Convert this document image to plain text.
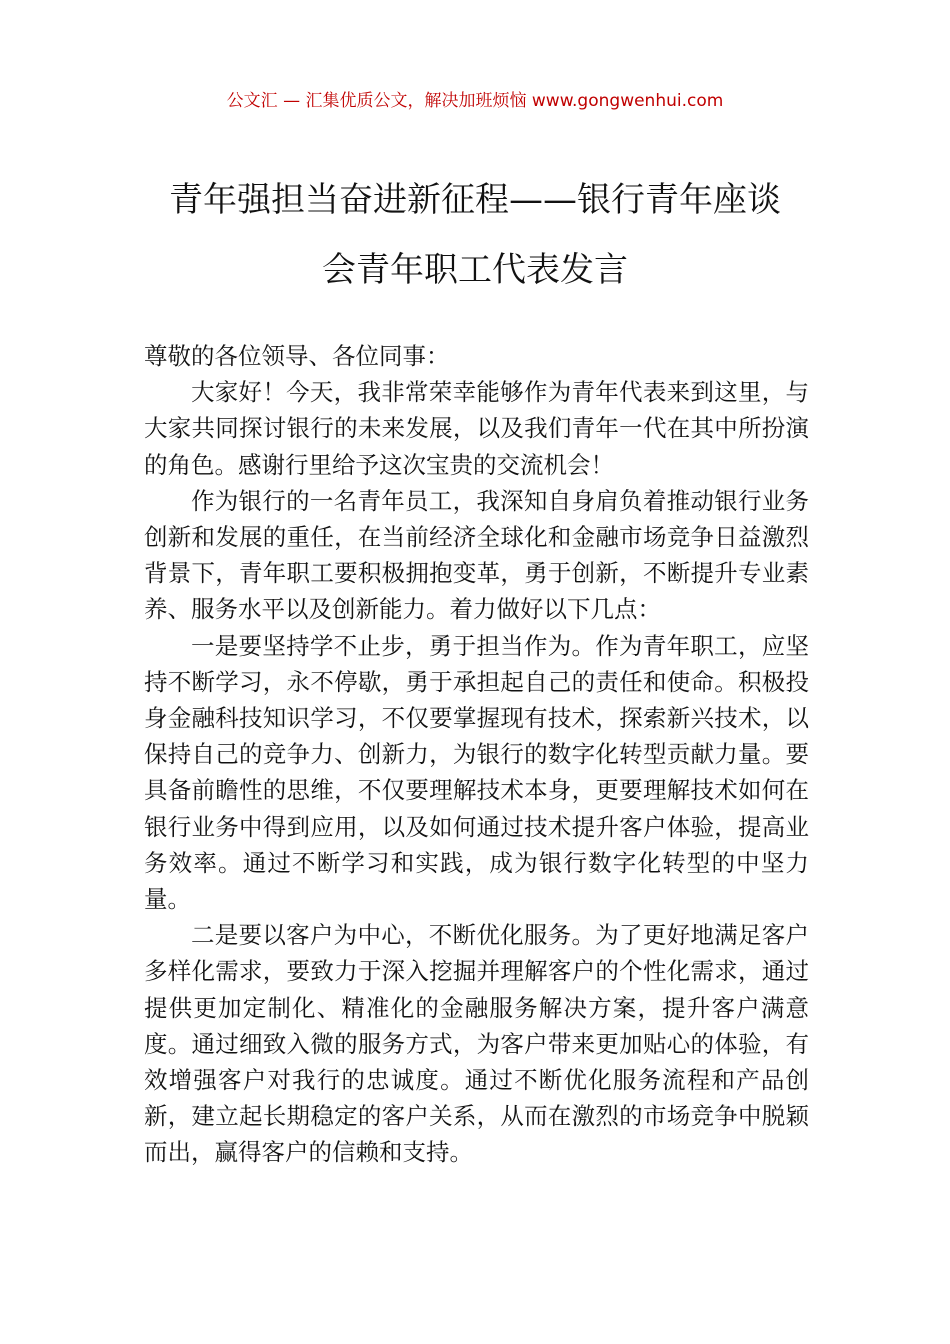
公文汇 — 汇集优质公文，解决加班烦恼 www.gongwenhui.com
青年强担当奋进新征程——银行青年座谈
会青年职工代表发言

尊敬的各位领导、各位同事：

大家好！今天，我非常荣幸能够作为青年代表来到这里，与大家共同探讨银行的未来发展，以及我们青年一代在其中所扮演的角色。感谢行里给予这次宝贵的交流机会！

作为银行的一名青年员工，我深知自身肩负着推动银行业务创新和发展的重任，在当前经济全球化和金融市场竞争日益激烈背景下，青年职工要积极拥抱变革，勇于创新，不断提升专业素养、服务水平以及创新能力。着力做好以下几点：

一是要坚持学不止步，勇于担当作为。作为青年职工，应坚持不断学习，永不停歇，勇于承担起自己的责任和使命。积极投身金融科技知识学习，不仅要掌握现有技术，探索新兴技术，以保持自己的竞争力、创新力，为银行的数字化转型贡献力量。要具备前瞻性的思维，不仅要理解技术本身，更要理解技术如何在银行业务中得到应用，以及如何通过技术提升客户体验，提高业务效率。通过不断学习和实践，成为银行数字化转型的中坚力量。

二是要以客户为中心，不断优化服务。为了更好地满足客户多样化需求，要致力于深入挖掘并理解客户的个性化需求，通过提供更加定制化、精准化的金融服务解决方案，提升客户满意度。通过细致入微的服务方式，为客户带来更加贴心的体验，有效增强客户对我行的忠诚度。通过不断优化服务流程和产品创新，建立起长期稳定的客户关系，从而在激烈的市场竞争中脱颖而出，赢得客户的信赖和支持。
